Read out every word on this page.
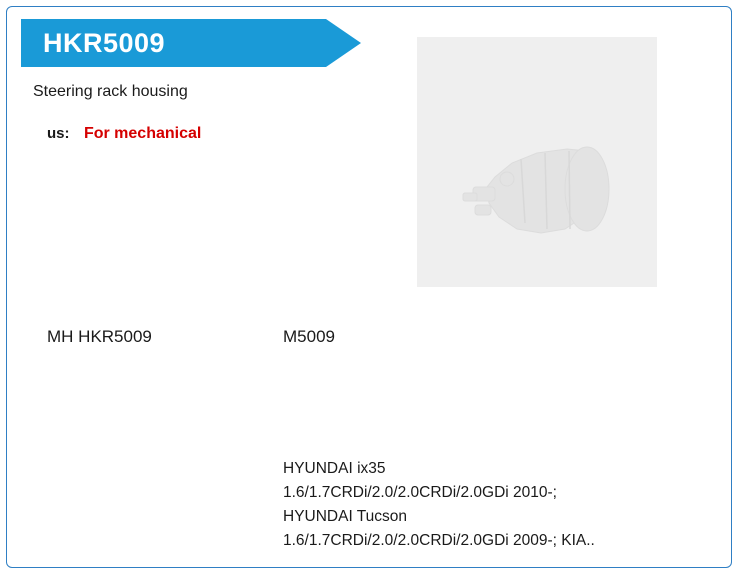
HKR5009
Steering rack housing
us: For mechanical
MH HKR5009	M5009
HYUNDAI ix35
1.6/1.7CRDi/2.0/2.0CRDi/2.0GDi 2010-;
HYUNDAI Tucson
1.6/1.7CRDi/2.0/2.0CRDi/2.0GDi 2009-; KIA..
